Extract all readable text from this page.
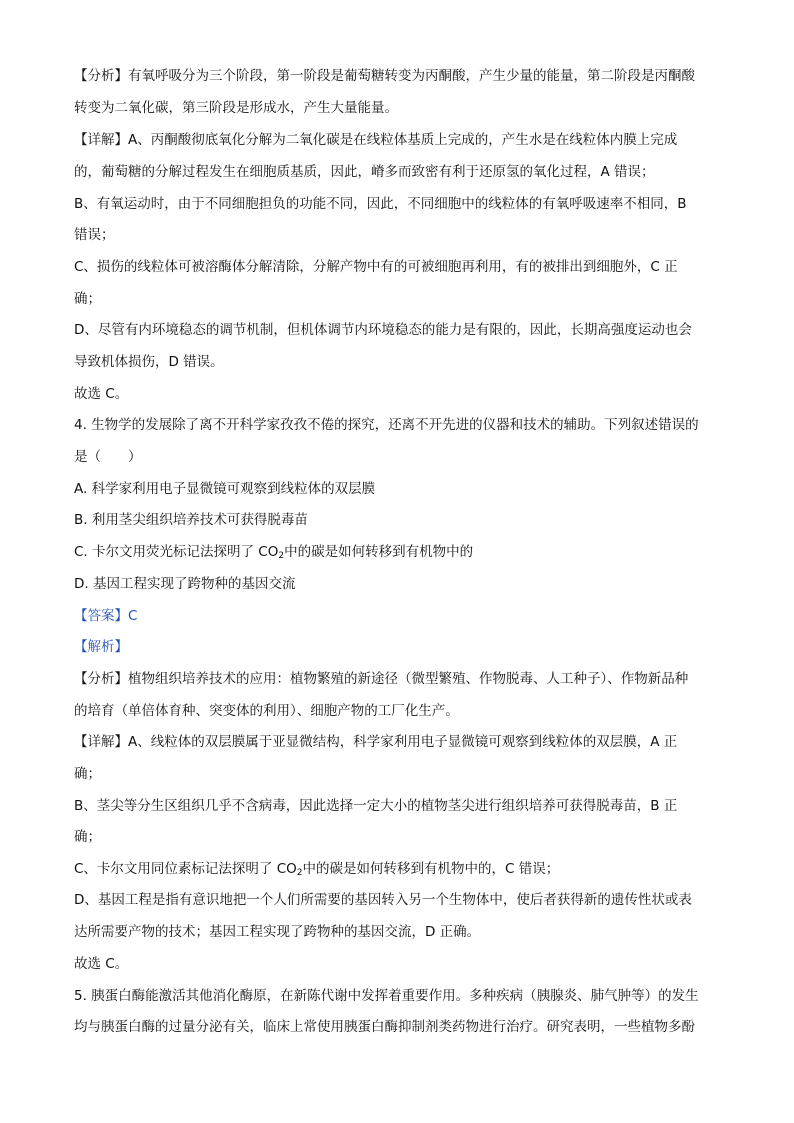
【分析】有氧呼吸分为三个阶段，第一阶段是葡萄糖转变为丙酮酸，产生少量的能量，第二阶段是丙酮酸
转变为二氧化碳，第三阶段是形成水，产生大量能量。
【详解】A、丙酮酸彻底氧化分解为二氧化碳是在线粒体基质上完成的，产生水是在线粒体内膜上完成
的，葡萄糖的分解过程发生在细胞质基质，因此，嵴多而致密有利于还原氢的氧化过程，A 错误；
B、有氧运动时，由于不同细胞担负的功能不同，因此，不同细胞中的线粒体的有氧呼吸速率不相同，B
错误；
C、损伤的线粒体可被溶酶体分解清除，分解产物中有的可被细胞再利用，有的被排出到细胞外，C 正
确；
D、尽管有内环境稳态的调节机制，但机体调节内环境稳态的能力是有限的，因此，长期高强度运动也会
导致机体损伤，D 错误。
故选 C。
4. 生物学的发展除了离不开科学家孜孜不倦的探究，还离不开先进的仪器和技术的辅助。下列叙述错误的
是（　　）
A. 科学家利用电子显微镜可观察到线粒体的双层膜
B. 利用茎尖组织培养技术可获得脱毒苗
C. 卡尔文用荧光标记法探明了 $CO_2$中的碳是如何转移到有机物中的
D. 基因工程实现了跨物种的基因交流
【答案】C
【解析】
【分析】植物组织培养技术的应用：植物繁殖的新途径（微型繁殖、作物脱毒、人工种子）、作物新品种
的培育（单倍体育种、突变体的利用）、细胞产物的工厂化生产。
【详解】A、线粒体的双层膜属于亚显微结构，科学家利用电子显微镜可观察到线粒体的双层膜，A 正
确；
B、茎尖等分生区组织几乎不含病毒，因此选择一定大小的植物茎尖进行组织培养可获得脱毒苗，B 正
确；
C、卡尔文用同位素标记法探明了 $CO_2$中的碳是如何转移到有机物中的，C 错误；
D、基因工程是指有意识地把一个人们所需要的基因转入另一个生物体中，使后者获得新的遗传性状或表
达所需要产物的技术；基因工程实现了跨物种的基因交流，D 正确。
故选 C。
5. 胰蛋白酶能激活其他消化酶原，在新陈代谢中发挥着重要作用。多种疾病（胰腺炎、肺气肿等）的发生
均与胰蛋白酶的过量分泌有关，临床上常使用胰蛋白酶抑制剂类药物进行治疗。研究表明，一些植物多酚
